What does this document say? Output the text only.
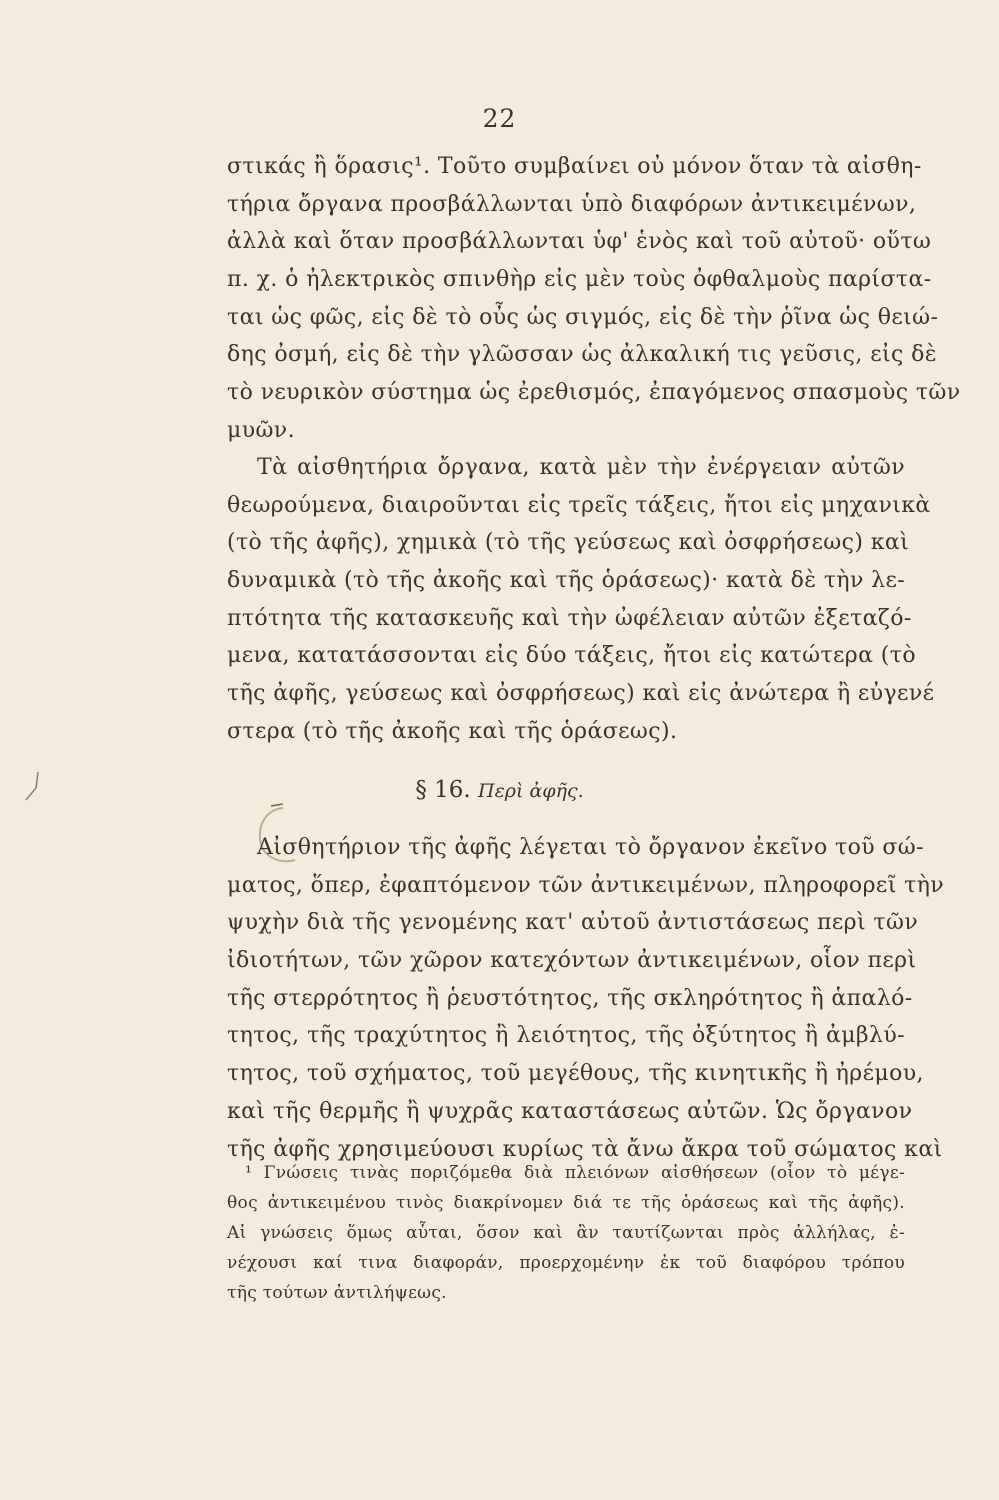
22
στικάς ἢ ὅρασις¹. Τοῦτο συμβαίνει οὐ μόνον ὅταν τὰ αἰσθη-
τήρια ὄργανα προσβάλλωνται ὑπὸ διαφόρων ἀντικειμένων,
ἀλλὰ καὶ ὅταν προσβάλλωνται ὑφ' ἑνὸς καὶ τοῦ αὐτοῦ· οὕτω
π. χ. ὁ ἠλεκτρικὸς σπινθὴρ εἰς μὲν τοὺς ὀφθαλμοὺς παρίστα-
ται ὡς φῶς, εἰς δὲ τὸ οὖς ὡς σιγμός, εἰς δὲ τὴν ῥῖνα ὡς θειώ-
δης ὀσμή, εἰς δὲ τὴν γλῶσσαν ὡς ἀλκαλική τις γεῦσις, εἰς δὲ
τὸ νευρικὸν σύστημα ὡς ἐρεθισμός, ἐπαγόμενος σπασμοὺς τῶν
μυῶν.
Τὰ αἰσθητήρια ὄργανα, κατὰ μὲν τὴν ἐνέργειαν αὐτῶν
θεωρούμενα, διαιροῦνται εἰς τρεῖς τάξεις, ἤτοι εἰς μηχανικὰ
(τὸ τῆς ἀφῆς), χημικὰ (τὸ τῆς γεύσεως καὶ ὀσφρήσεως) καὶ
δυναμικὰ (τὸ τῆς ἀκοῆς καὶ τῆς ὁράσεως)· κατὰ δὲ τὴν λε-
πτότητα τῆς κατασκευῆς καὶ τὴν ὠφέλειαν αὐτῶν ἐξεταζό-
μενα, κατατάσσονται εἰς δύο τάξεις, ἤτοι εἰς κατώτερα (τὸ
τῆς ἀφῆς, γεύσεως καὶ ὀσφρήσεως) καὶ εἰς ἀνώτερα ἢ εὐγενέ
στερα (τὸ τῆς ἀκοῆς καὶ τῆς ὁράσεως).
§ 16. Περὶ ἀφῆς.
Αἰσθητήριον τῆς ἀφῆς λέγεται τὸ ὄργανον ἐκεῖνο τοῦ σώ-
ματος, ὅπερ, ἐφαπτόμενον τῶν ἀντικειμένων, πληροφορεῖ τὴν
ψυχὴν διὰ τῆς γενομένης κατ' αὐτοῦ ἀντιστάσεως περὶ τῶν
ἰδιοτήτων, τῶν χῶρον κατεχόντων ἀντικειμένων, οἷον περὶ
τῆς στερρότητος ἢ ῥευστότητος, τῆς σκληρότητος ἢ ἁπαλό-
τητος, τῆς τραχύτητος ἢ λειότητος, τῆς ὀξύτητος ἢ ἀμβλύ-
τητος, τοῦ σχήματος, τοῦ μεγέθους, τῆς κινητικῆς ἢ ἠρέμου,
καὶ τῆς θερμῆς ἢ ψυχρᾶς καταστάσεως αὐτῶν. Ὡς ὄργανον
τῆς ἀφῆς χρησιμεύουσι κυρίως τὰ ἄνω ἄκρα τοῦ σώματος καὶ
¹ Γνώσεις τινὰς ποριζόμεθα διὰ πλειόνων αἰσθήσεων (οἷον τὸ μέγε-
θος ἀντικειμένου τινὸς διακρίνομεν διά τε τῆς ὁράσεως καὶ τῆς ἀφῆς).
Αἱ γνώσεις ὅμως αὗται, ὅσον καὶ ἂν ταυτίζωνται πρὸς ἀλλήλας, ἐ-
νέχουσι καί τινα διαφοράν, προερχομένην ἐκ τοῦ διαφόρου τρόπου
τῆς τούτων ἀντιλήψεως.
